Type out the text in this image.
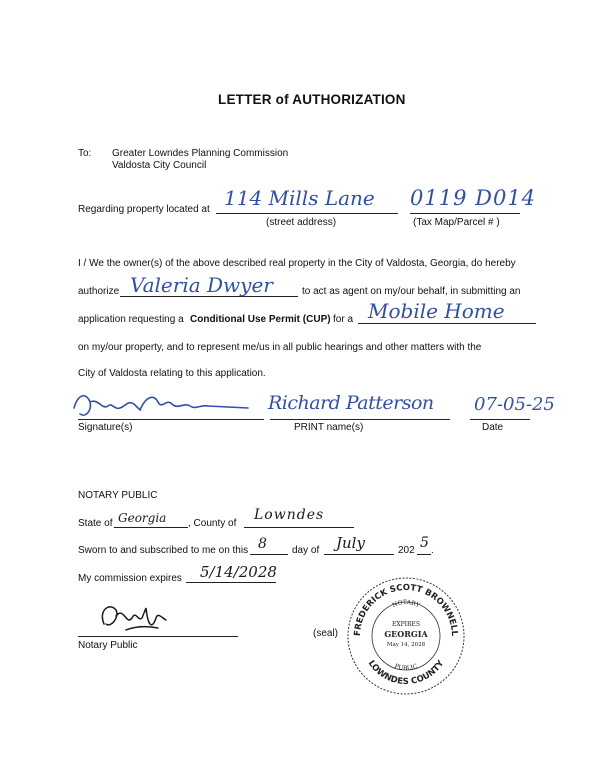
LETTER of AUTHORIZATION
To: Greater Lowndes Planning Commission
Valdosta City Council
Regarding property located at 114 Mills Lane
(street address)
0119 D014
(Tax Map/Parcel # )
I / We the owner(s) of the above described real property in the City of Valdosta, Georgia, do hereby
authorize Valeria Dwyer	to act as agent on my/our behalf, in submitting an
application requesting a Conditional Use Permit (CUP) for a Mobile Home
on my/our property, and to represent me/us in all public hearings and other matters with the
City of Valdosta relating to this application.
Signature(s)
Richard Patterson
PRINT name(s)
07-05-25
Date
NOTARY PUBLIC
State of Georgia , County of
Lowndes
Sworn to and subscribed to me on this 8	day of July	202 5 .
My commission expires 5/14/2028
Notary Public
(seal) FREDERICK SCOTT BROWNELL
LOWNDES COUNTY
NOTARY
PUBLIC
EXPIRES
GEORGIA
May 14, 2028
